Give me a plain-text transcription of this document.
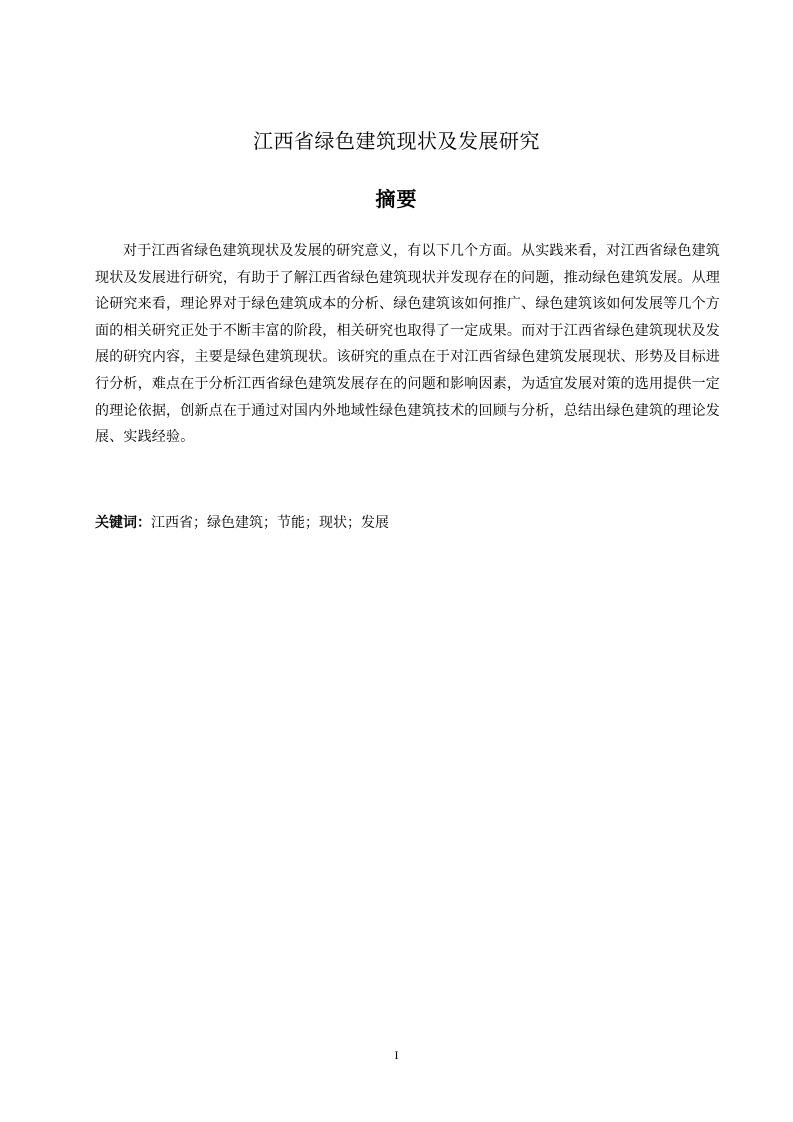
江西省绿色建筑现状及发展研究
摘要

对于江西省绿色建筑现状及发展的研究意义，有以下几个方面。从实践来看，对江西省绿色建筑现状及发展进行研究，有助于了解江西省绿色建筑现状并发现存在的问题，推动绿色建筑发展。从理论研究来看，理论界对于绿色建筑成本的分析、绿色建筑该如何推广、绿色建筑该如何发展等几个方面的相关研究正处于不断丰富的阶段，相关研究也取得了一定成果。而对于江西省绿色建筑现状及发展的研究内容，主要是绿色建筑现状。该研究的重点在于对江西省绿色建筑发展现状、形势及目标进行分析，难点在于分析江西省绿色建筑发展存在的问题和影响因素，为适宜发展对策的选用提供一定的理论依据，创新点在于通过对国内外地域性绿色建筑技术的回顾与分析，总结出绿色建筑的理论发展、实践经验。

关键词：江西省；绿色建筑；节能；现状；发展
I
